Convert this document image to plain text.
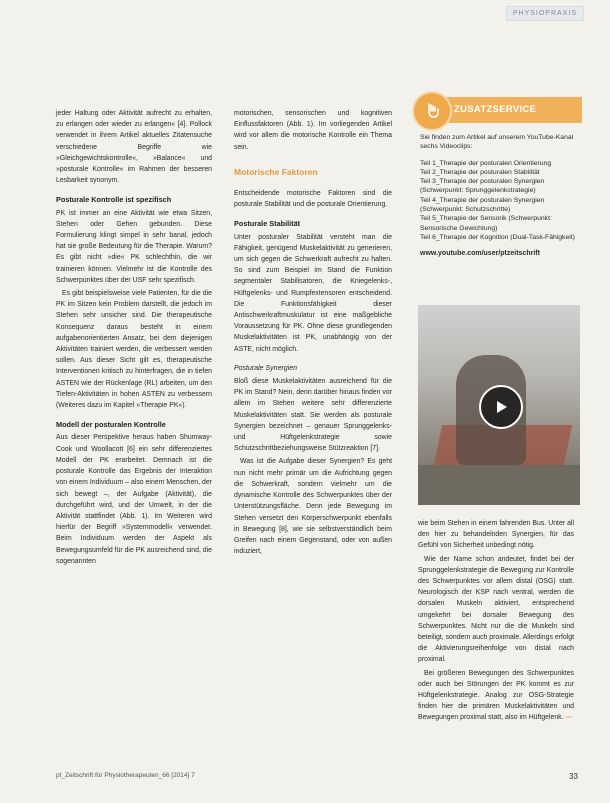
PHYSIOPRAXIS

jeder Haltung oder Aktivität aufrecht zu erhalten, zu erlangen oder wieder zu erlangen« [4]. Pollock verwendet in ihrem Artikel aktuelles Zitatensuche verschiedene Begriffe wie »Gleichgewichtskontrolle«, »Balance« und »posturale Kontrolle« im Rahmen der besseren Lesbarkeit synonym.

Posturale Kontrolle ist spezifisch

PK ist immer an eine Aktivität wie etwa Sitzen, Stehen oder Gehen gebunden. Diese Formulierung klingt simpel in sehr banal, jedoch hat sie große Bedeutung für die Therapie. Warum? Es gibt nicht »die« PK schlechthin, die wir trainieren können. Vielmehr ist die Kontrolle des Schwerpunktes über der USF sehr spezifisch.

Es gibt beispielsweise viele Patienten, für die die PK im Sitzen kein Problem darstellt, die jedoch im Stehen sehr unsicher sind. Die therapeutische Konsequenz daraus besteht in einem aufgabenorientierten Ansatz, bei dem diejenigen Aktivitäten trainiert werden, die verbessert werden sollen. Aus dieser Sicht gilt es, therapeutische Interventionen kritisch zu hinterfragen, die in tiefen ASTEN wie der Rückenlage (RL) arbeiten, um den Tiefen-Aktivitäten in hohen ASTEN zu verbessern (Weiteres dazu im Kapitel »Therapie PK«).

Modell der posturalen Kontrolle

Aus dieser Perspektive heraus haben Shumway-Cook und Woollacott [6] ein sehr differenziertes Modell der PK erarbeitet. Demnach ist die posturale Kontrolle das Ergebnis der Interaktion von einem Individuum – also einem Menschen, der sich bewegt –, der Aufgabe (Aktivität), die durchgeführt wird, und der Umwelt, in der die Aktivität stattfindet (Abb. 1). Im Weiteren wird hierfür der Begriff »Systemmodell« verwendet. Beim Individuum werden der Aspekt als Bewegungsumfeld für die PK ausreichend sind, die sogenannten

motorischen, sensorischen und kognitiven Einflussfaktoren (Abb. 1). Im vorliegenden Artikel wird vor allem die motorische Kontrolle ein Thema sein.

Motorische Faktoren

Entscheidende motorische Faktoren sind die posturale Stabilität und die posturale Orientierung.

Posturale Stabilität

Unter posturaler Stabilität versteht man die Fähigkeit, genügend Muskelaktivität zu generieren, um sich gegen die Schwerkraft aufrecht zu halten. So sind zum Beispiel im Stand die Funktion segmentaler Stabilisatoren, die Kniegelenks-, Hüftgelenks- und Rumpfextensoren entscheidend. Die Funktionsfähigkeit dieser Antischwerkraftmuskulatur ist eine maßgebliche Voraussetzung für PK. Ohne diese grundlegenden Muskelaktivitäten ist PK, unabhängig von der ASTE, nicht möglich.

Posturale Synergien

Bloß diese Muskelaktivitäten ausreichend für die PK im Stand? Nein, denn darüber hinaus finden vor allem im Stehen weitere sehr differenzierte Muskelaktivitäten statt. Sie werden als posturale Synergien bezeichnet – genauer Sprunggelenks- und Hüftgelenkstrategie sowie Schutzschrittbeziehungsweise Stützreaktion [7].

Was ist die Aufgabe dieser Synergien? Es geht nun nicht mehr primär um die Aufrichtung gegen die Schwerkraft, sondern vielmehr um die dynamische Kontrolle des Schwerpunktes über der Unterstützungsfläche. Denn jede Bewegung im Stehen versetzt den Körperschwerpunkt ebenfalls in Bewegung [8], wie sie selbstverständlich beim Greifen nach einem Gegenstand, oder von außen induziert,

ZUSATZSERVICE

Sie finden zum Artikel auf unserem YouTube-Kanal sechs Videoclips:

Teil 1_Therapie der posturalen Orientierung
Teil 2_Therapie der posturalen Stabilität
Teil 3_Therapie der posturalen Synergien (Schwerpunkt: Sprunggelenkstrategie)
Teil 4_Therapie der posturalen Synergien (Schwerpunkt: Schutzschritte)
Teil 5_Therapie der Sensorik (Schwerpunkt: Sensorische Gewichtung)
Teil 6_Therapie der Kognition (Dual-Task-Fähigkeit)
www.youtube.com/user/ptzeitschrift

wie beim Stehen in einem fahrenden Bus. Unter all den hier zu behandelnden Synergien, für das Gefühl von Sicherheit unbedingt nötig.

Wie der Name schon andeutet, findet bei der Sprunggelenkstrategie die Bewegung zur Kontrolle des Schwerpunktes vor allem distal (OSG) statt. Neurologisch der KSP nach ventral, werden die dorsalen Muskeln aktiviert, entsprechend umgekehrt bei dorsaler Bewegung des Schwerpunktes. Nicht nur die die Muskeln sind beteiligt, sondern auch proximale. Allerdings erfolgt die Aktivierungsreihenfolge von distal nach proximal.

Bei größeren Bewegungen des Schwerpunktes oder auch bei Störungen der PK kommt es zur Hüftgelenkstrategie. Analog zur OSG-Strategie finden hier die primären Muskelaktivitäten und Bewegungen proximal statt, also im Hüftgelenk. ▫▫▫

pt_Zeitschrift für Physiotherapeuten_66 [2014] 7	33
